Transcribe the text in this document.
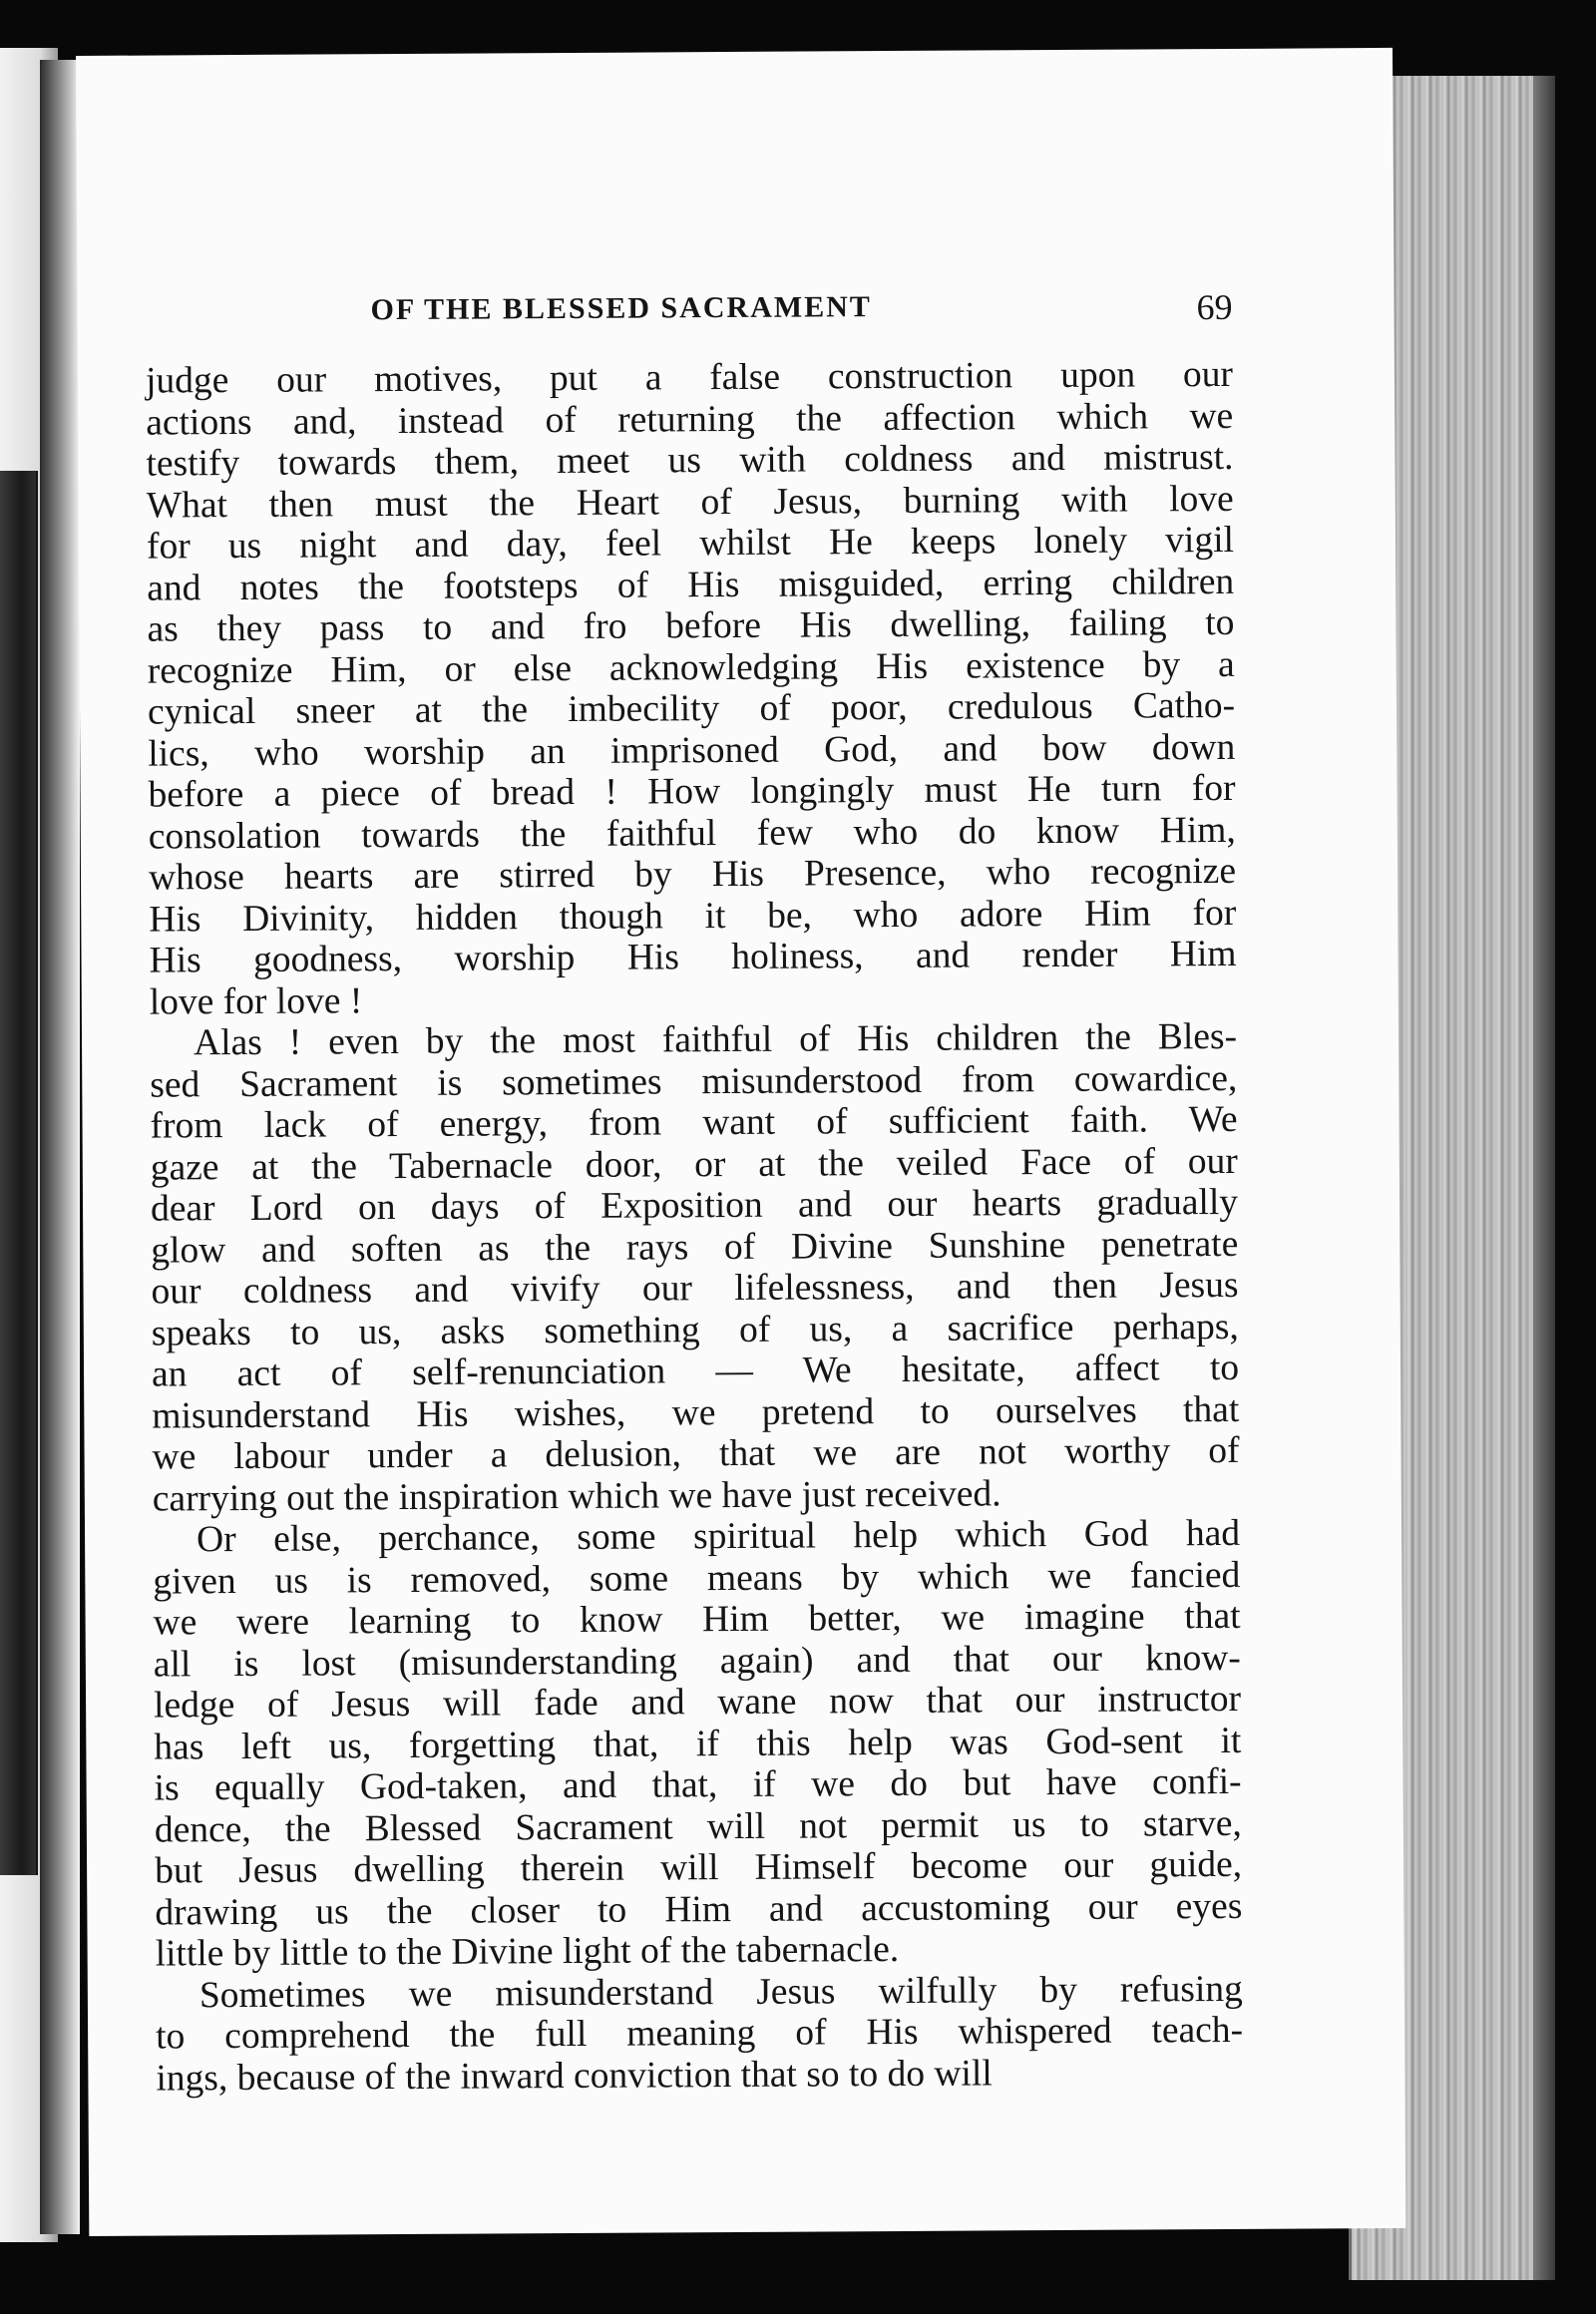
OF THE BLESSED SACRAMENT	69
judge our motives, put a false construction upon our
actions and, instead of returning the affection which we
testify towards them, meet us with coldness and mistrust.
What then must the Heart of Jesus, burning with love
for us night and day, feel whilst He keeps lonely vigil
and notes the footsteps of His misguided, erring children
as they pass to and fro before His dwelling, failing to
recognize Him, or else acknowledging His existence by a
cynical sneer at the imbecility of poor, credulous Catho-
lics, who worship an imprisoned God, and bow down
before a piece of bread ! How longingly must He turn for
consolation towards the faithful few who do know Him,
whose hearts are stirred by His Presence, who recognize
His Divinity, hidden though it be, who adore Him for
His goodness, worship His holiness, and render Him
love for love !
Alas ! even by the most faithful of His children the Bles-
sed Sacrament is sometimes misunderstood from cowardice,
from lack of energy, from want of sufficient faith. We
gaze at the Tabernacle door, or at the veiled Face of our
dear Lord on days of Exposition and our hearts gradually
glow and soften as the rays of Divine Sunshine penetrate
our coldness and vivify our lifelessness, and then Jesus
speaks to us, asks something of us, a sacrifice perhaps,
an act of self-renunciation — We hesitate, affect to
misunderstand His wishes, we pretend to ourselves that
we labour under a delusion, that we are not worthy of
carrying out the inspiration which we have just received.
Or else, perchance, some spiritual help which God had
given us is removed, some means by which we fancied
we were learning to know Him better, we imagine that
all is lost (misunderstanding again) and that our know-
ledge of Jesus will fade and wane now that our instructor
has left us, forgetting that, if this help was God-sent it
is equally God-taken, and that, if we do but have confi-
dence, the Blessed Sacrament will not permit us to starve,
but Jesus dwelling therein will Himself become our guide,
drawing us the closer to Him and accustoming our eyes
little by little to the Divine light of the tabernacle.
Sometimes we misunderstand Jesus wilfully by refusing
to comprehend the full meaning of His whispered teach-
ings, because of the inward conviction that so to do will
